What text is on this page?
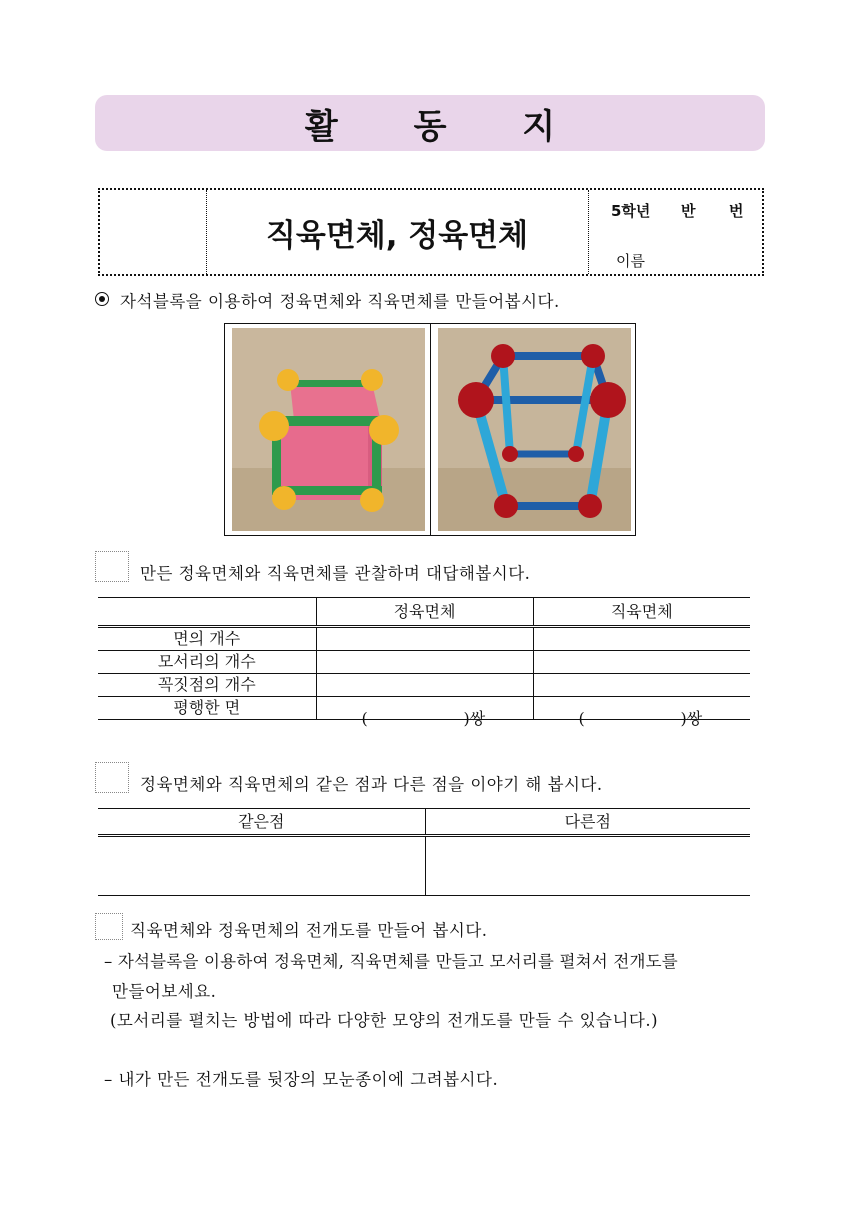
활 동 지
직육면체, 정육면체
5학년 반 번
이름
자석블록을 이용하여 정육면체와 직육면체를 만들어봅시다.
만든 정육면체와 직육면체를 관찰하며 대답해봅시다.
	정육면체	직육면체
면의 개수		
모서리의 개수		
꼭짓점의 개수		
평행한 면	( )쌍	( )쌍
정육면체와 직육면체의 같은 점과 다른 점을 이야기 해 봅시다.
같은점	다른점

직육면체와 정육면체의 전개도를 만들어 봅시다.
– 자석블록을 이용하여 정육면체, 직육면체를 만들고 모서리를 펼쳐서 전개도를
만들어보세요.
(모서리를 펼치는 방법에 따라 다양한 모양의 전개도를 만들 수 있습니다.)
– 내가 만든 전개도를 뒷장의 모눈종이에 그려봅시다.
